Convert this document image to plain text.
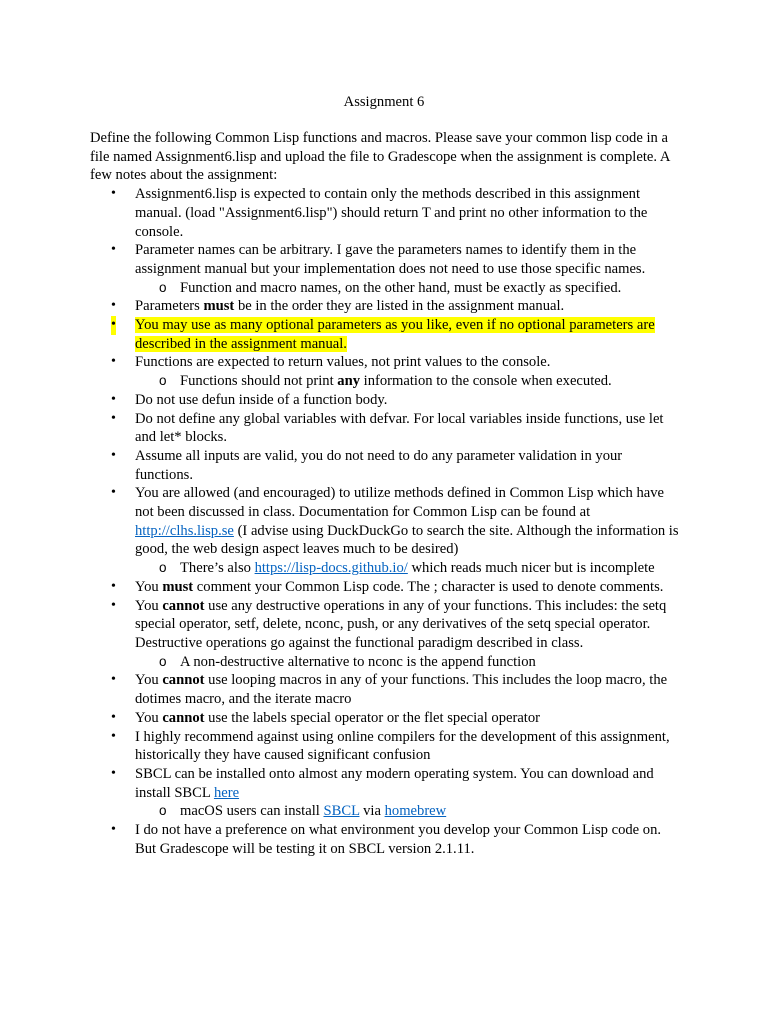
Assignment 6

Define the following Common Lisp functions and macros. Please save your common lisp code in a file named Assignment6.lisp and upload the file to Gradescope when the assignment is complete. A few notes about the assignment:

• Assignment6.lisp is expected to contain only the methods described in this assignment manual. (load "Assignment6.lisp") should return T and print no other information to the console.
• Parameter names can be arbitrary. I gave the parameters names to identify them in the assignment manual but your implementation does not need to use those specific names.
o Function and macro names, on the other hand, must be exactly as specified.
• Parameters must be in the order they are listed in the assignment manual.
• You may use as many optional parameters as you like, even if no optional parameters are described in the assignment manual.
• Functions are expected to return values, not print values to the console.
o Functions should not print any information to the console when executed.
• Do not use defun inside of a function body.
• Do not define any global variables with defvar. For local variables inside functions, use let and let* blocks.
• Assume all inputs are valid, you do not need to do any parameter validation in your functions.
• You are allowed (and encouraged) to utilize methods defined in Common Lisp which have not been discussed in class. Documentation for Common Lisp can be found at http://clhs.lisp.se (I advise using DuckDuckGo to search the site. Although the information is good, the web design aspect leaves much to be desired)
o There’s also https://lisp-docs.github.io/ which reads much nicer but is incomplete
• You must comment your Common Lisp code. The ; character is used to denote comments.
• You cannot use any destructive operations in any of your functions. This includes: the setq special operator, setf, delete, nconc, push, or any derivatives of the setq special operator. Destructive operations go against the functional paradigm described in class.
o A non-destructive alternative to nconc is the append function
• You cannot use looping macros in any of your functions. This includes the loop macro, the dotimes macro, and the iterate macro
• You cannot use the labels special operator or the flet special operator
• I highly recommend against using online compilers for the development of this assignment, historically they have caused significant confusion
• SBCL can be installed onto almost any modern operating system. You can download and install SBCL here
o macOS users can install SBCL via homebrew
• I do not have a preference on what environment you develop your Common Lisp code on. But Gradescope will be testing it on SBCL version 2.1.11.
